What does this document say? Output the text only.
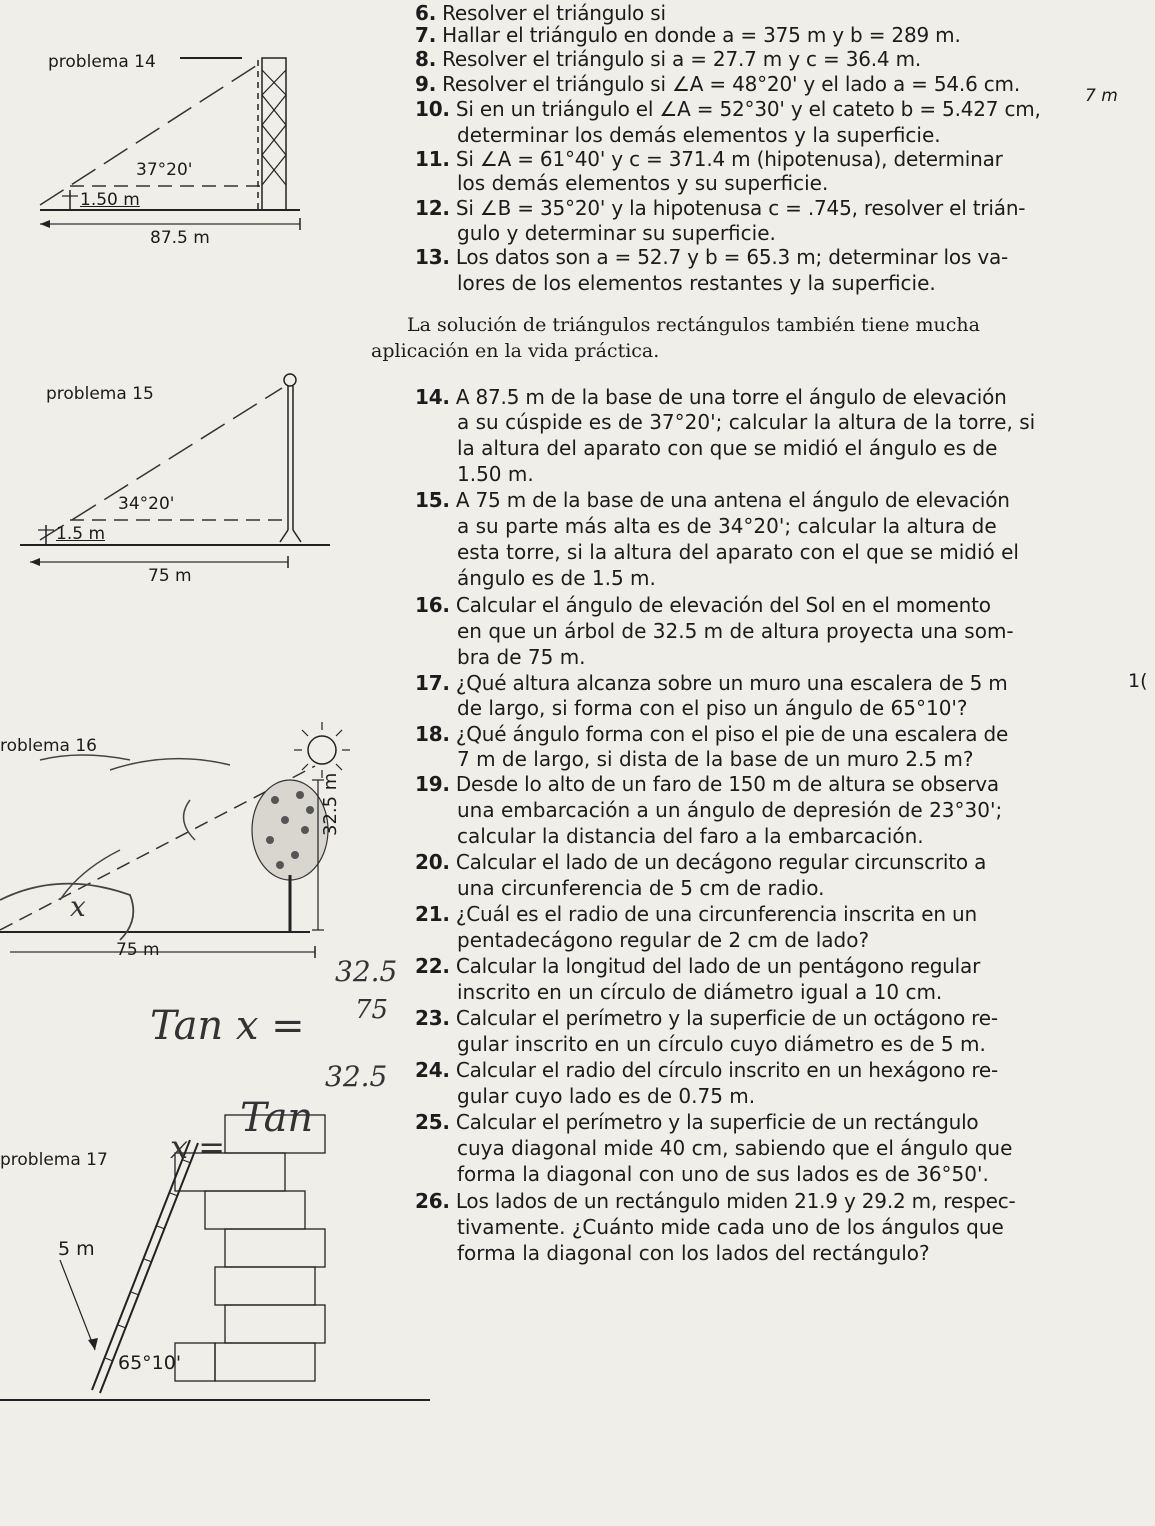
problema 14
37°20'
1.50 m
87.5 m
problema 15
34°20'
1.5 m
75 m
roblema 16
32.5 m
x
75 m
problema 17
5 m
65°10'
32.5
75
Tan x =
32.5
Tan
x =
6. Resolver el triángulo si
7. Hallar el triángulo en donde a = 375 m y b = 289 m.
8. Resolver el triángulo si a = 27.7 m y c = 36.4 m.
9. Resolver el triángulo si ∠A = 48°20' y el lado a = 54.6 cm.
10. Si en un triángulo el ∠A = 52°30' y el cateto b = 5.427 cm,
determinar los demás elementos y la superficie.
11. Si ∠A = 61°40' y c = 371.4 m (hipotenusa), determinar
los demás elementos y su superficie.
12. Si ∠B = 35°20' y la hipotenusa c = .745, resolver el trián-
gulo y determinar su superficie.
13. Los datos son a = 52.7 y b = 65.3 m; determinar los va-
lores de los elementos restantes y la superficie.
14. A 87.5 m de la base de una torre el ángulo de elevación
a su cúspide es de 37°20'; calcular la altura de la torre, si
la altura del aparato con que se midió el ángulo es de
1.50 m.
15. A 75 m de la base de una antena el ángulo de elevación
a su parte más alta es de 34°20'; calcular la altura de
esta torre, si la altura del aparato con el que se midió el
ángulo es de 1.5 m.
16. Calcular el ángulo de elevación del Sol en el momento
en que un árbol de 32.5 m de altura proyecta una som-
bra de 75 m.
17. ¿Qué altura alcanza sobre un muro una escalera de 5 m
de largo, si forma con el piso un ángulo de 65°10'?
18. ¿Qué ángulo forma con el piso el pie de una escalera de
7 m de largo, si dista de la base de un muro 2.5 m?
19. Desde lo alto de un faro de 150 m de altura se observa
una embarcación a un ángulo de depresión de 23°30';
calcular la distancia del faro a la embarcación.
20. Calcular el lado de un decágono regular circunscrito a
una circunferencia de 5 cm de radio.
21. ¿Cuál es el radio de una circunferencia inscrita en un
pentadecágono regular de 2 cm de lado?
22. Calcular la longitud del lado de un pentágono regular
inscrito en un círculo de diámetro igual a 10 cm.
23. Calcular el perímetro y la superficie de un octágono re-
gular inscrito en un círculo cuyo diámetro es de 5 m.
24. Calcular el radio del círculo inscrito en un hexágono re-
gular cuyo lado es de 0.75 m.
25. Calcular el perímetro y la superficie de un rectángulo
cuya diagonal mide 40 cm, sabiendo que el ángulo que
forma la diagonal con uno de sus lados es de 36°50'.
26. Los lados de un rectángulo miden 21.9 y 29.2 m, respec-
tivamente. ¿Cuánto mide cada uno de los ángulos que
forma la diagonal con los lados del rectángulo?
La solución de triángulos rectángulos también tiene mucha
aplicación en la vida práctica.
7 m
1(
